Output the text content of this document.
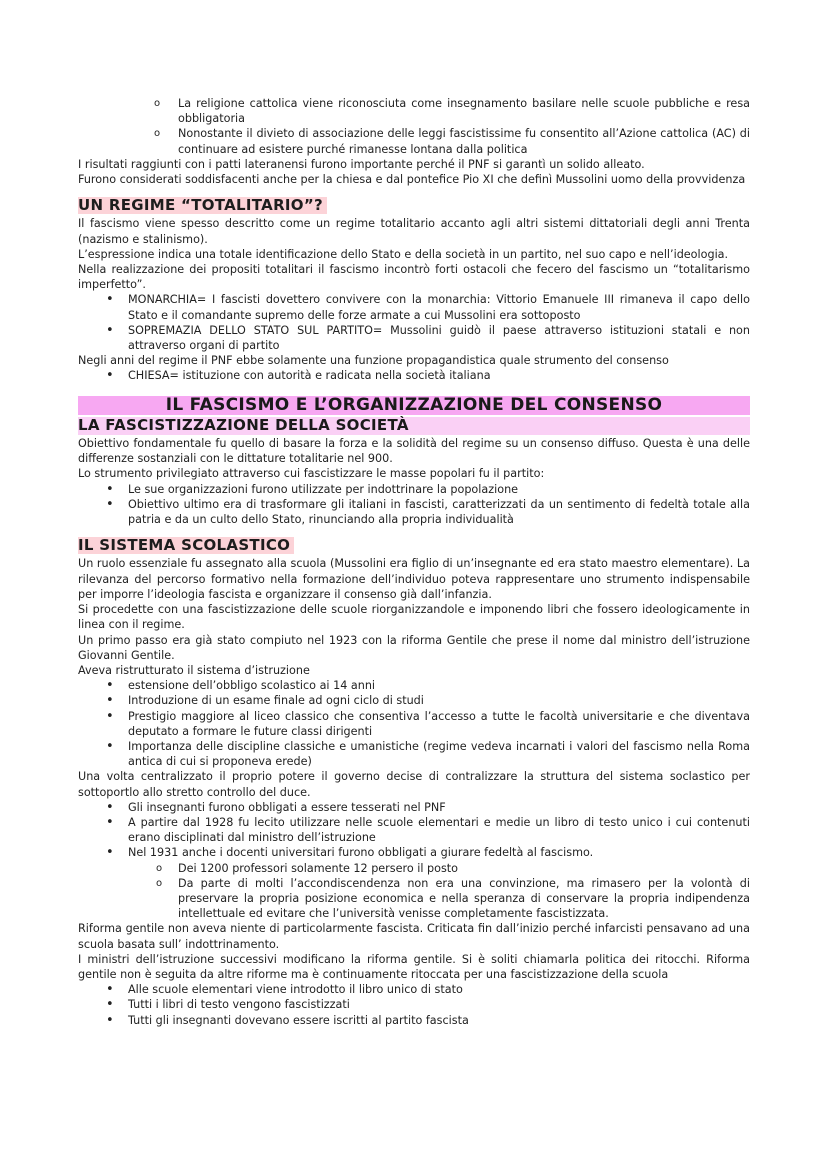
o La religione cattolica viene riconosciuta come insegnamento basilare nelle scuole pubbliche e resa obbligatoria
o Nonostante il divieto di associazione delle leggi fascistissime fu consentito all’Azione cattolica (AC) di continuare ad esistere purché rimanesse lontana dalla politica

I risultati raggiunti con i patti lateranensi furono importante perché il PNF si garantì un solido alleato.

Furono considerati soddisfacenti anche per la chiesa e dal pontefice Pio XI che definì Mussolini uomo della provvidenza

UN REGIME “TOTALITARIO”?

Il fascismo viene spesso descritto come un regime totalitario accanto agli altri sistemi dittatoriali degli anni Trenta (nazismo e stalinismo).

L’espressione indica una totale identificazione dello Stato e della società in un partito, nel suo capo e nell’ideologia.

Nella realizzazione dei propositi totalitari il fascismo incontrò forti ostacoli che fecero del fascismo un “totalitarismo imperfetto”.

• MONARCHIA= I fascisti dovettero convivere con la monarchia: Vittorio Emanuele III rimaneva il capo dello Stato e il comandante supremo delle forze armate a cui Mussolini era sottoposto
• SOPREMAZIA DELLO STATO SUL PARTITO= Mussolini guidò il paese attraverso istituzioni statali e non attraverso organi di partito

Negli anni del regime il PNF ebbe solamente una funzione propagandistica quale strumento del consenso

• CHIESA= istituzione con autorità e radicata nella società italiana
IL FASCISMO E L’ORGANIZZAZIONE DEL CONSENSO
LA FASCISTIZZAZIONE DELLA SOCIETÀ

Obiettivo fondamentale fu quello di basare la forza e la solidità del regime su un consenso diffuso. Questa è una delle differenze sostanziali con le dittature totalitarie nel 900.

Lo strumento privilegiato attraverso cui fascistizzare le masse popolari fu il partito:

• Le sue organizzazioni furono utilizzate per indottrinare la popolazione
• Obiettivo ultimo era di trasformare gli italiani in fascisti, caratterizzati da un sentimento di fedeltà totale alla patria e da un culto dello Stato, rinunciando alla propria individualità
IL SISTEMA SCOLASTICO

Un ruolo essenziale fu assegnato alla scuola (Mussolini era figlio di un’insegnante ed era stato maestro elementare). La rilevanza del percorso formativo nella formazione dell’individuo poteva rappresentare uno strumento indispensabile per imporre l’ideologia fascista e organizzare il consenso già dall’infanzia.

Si procedette con una fascistizzazione delle scuole riorganizzandole e imponendo libri che fossero ideologicamente in linea con il regime.

Un primo passo era già stato compiuto nel 1923 con la riforma Gentile che prese il nome dal ministro dell’istruzione Giovanni Gentile.

Aveva ristrutturato il sistema d’istruzione

• estensione dell’obbligo scolastico ai 14 anni
• Introduzione di un esame finale ad ogni ciclo di studi
• Prestigio maggiore al liceo classico che consentiva l’accesso a tutte le facoltà universitarie e che diventava deputato a formare le future classi dirigenti
• Importanza delle discipline classiche e umanistiche (regime vedeva incarnati i valori del fascismo nella Roma antica di cui si proponeva erede)

Una volta centralizzato il proprio potere il governo decise di contralizzare la struttura del sistema soclastico per sottoportlo allo stretto controllo del duce.

• Gli insegnanti furono obbligati a essere tesserati nel PNF
• A partire dal 1928 fu lecito utilizzare nelle scuole elementari e medie un libro di testo unico i cui contenuti erano disciplinati dal ministro dell’istruzione
• Nel 1931 anche i docenti universitari furono obbligati a giurare fedeltà al fascismo.
o Dei 1200 professori solamente 12 persero il posto
o Da parte di molti l’accondiscendenza non era una convinzione, ma rimasero per la volontà di preservare la propria posizione economica e nella speranza di conservare la propria indipendenza intellettuale ed evitare che l’università venisse completamente fascistizzata.

Riforma gentile non aveva niente di particolarmente fascista. Criticata fin dall’inizio perché infarcisti pensavano ad una scuola basata sull’ indottrinamento.

I ministri dell’istruzione successivi modificano la riforma gentile. Si è soliti chiamarla politica dei ritocchi. Riforma gentile non è seguita da altre riforme ma è continuamente ritoccata per una fascistizzazione della scuola

• Alle scuole elementari viene introdotto il libro unico di stato
• Tutti i libri di testo vengono fascistizzati
• Tutti gli insegnanti dovevano essere iscritti al partito fascista
